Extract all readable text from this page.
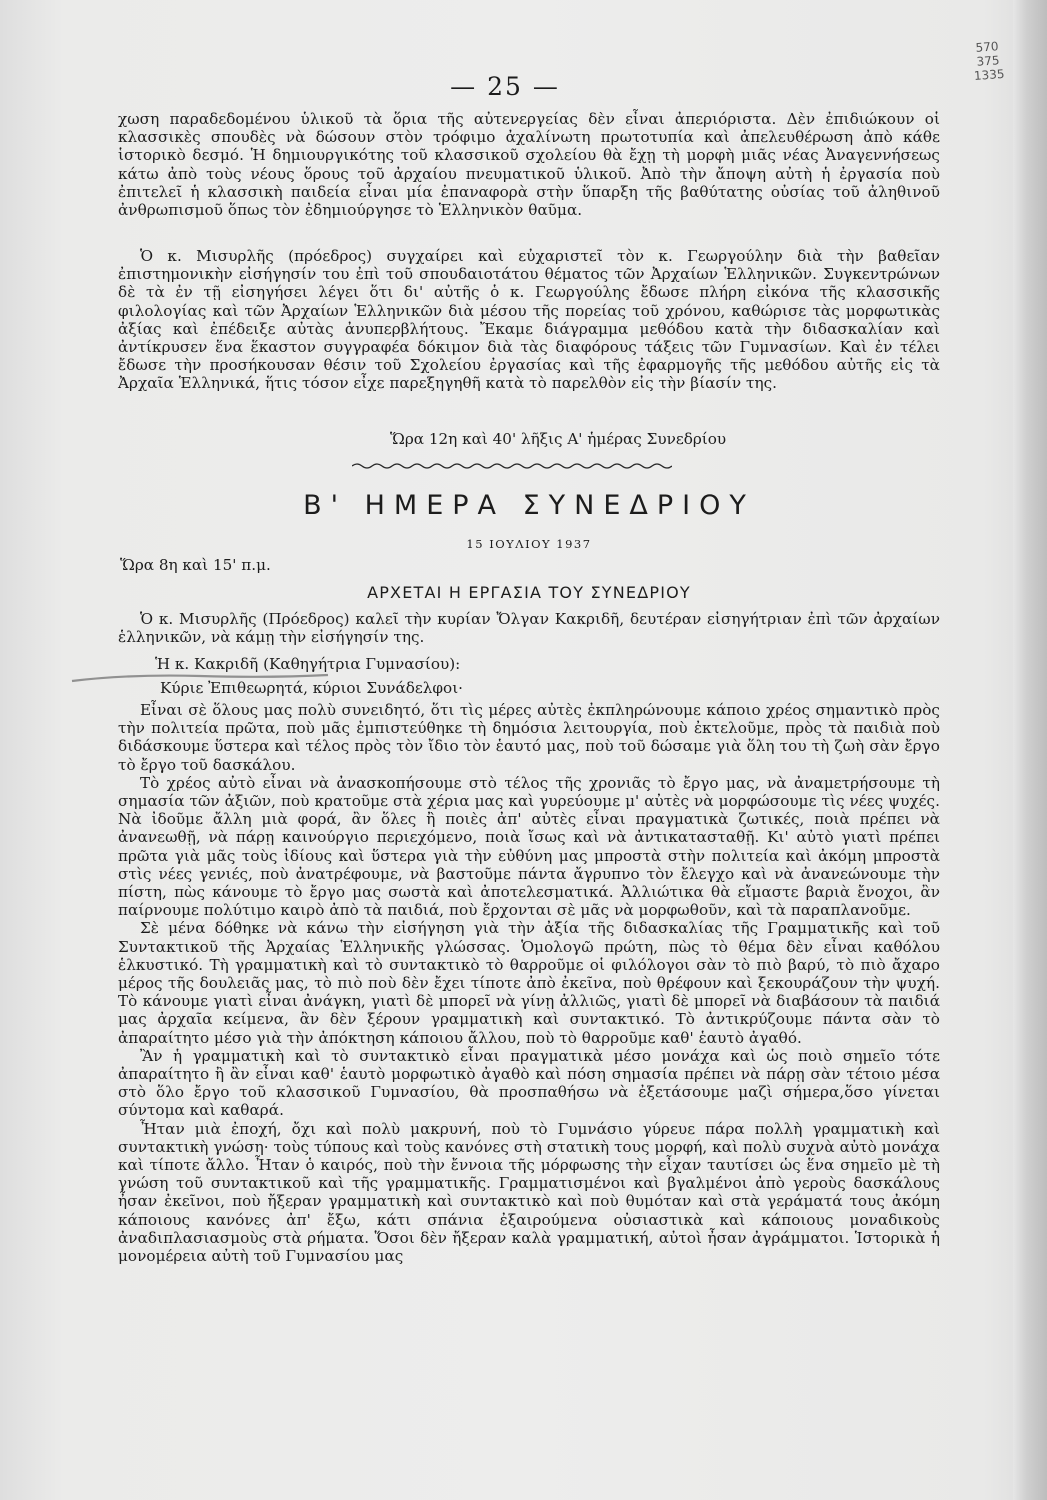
570
375
1335
— 25 —

χωση παραδεδομένου ὑλικοῦ τὰ ὅρια τῆς αὐτενεργείας δὲν εἶναι ἀπεριόριστα. Δὲν ἐπιδιώκουν οἱ κλασσικὲς σπουδὲς νὰ δώσουν στὸν τρόφιμο ἀχαλίνωτη πρωτοτυπία καὶ ἀπελευθέρωση ἀπὸ κάθε ἱστορικὸ δεσμό. Ἡ δημιουργικότης τοῦ κλασσικοῦ σχολείου θὰ ἔχῃ τὴ μορφὴ μιᾶς νέας Ἀναγεννήσεως κάτω ἀπὸ τοὺς νέους ὅρους τοῦ ἀρχαίου πνευματικοῦ ὑλικοῦ. Ἀπὸ τὴν ἄποψη αὐτὴ ἡ ἐργασία ποὺ ἐπιτελεῖ ἡ κλασσικὴ παιδεία εἶναι μία ἐπαναφορὰ στὴν ὕπαρξη τῆς βαθύτατης οὐσίας τοῦ ἀληθινοῦ ἀνθρωπισμοῦ ὅπως τὸν ἐδημιούργησε τὸ Ἑλληνικὸν θαῦμα.

Ὁ κ. Μισυρλῆς (πρόεδρος) συγχαίρει καὶ εὐχαριστεῖ τὸν κ. Γεωργούλην διὰ τὴν βαθεῖαν ἐπιστημονικὴν εἰσήγησίν του ἐπὶ τοῦ σπουδαιοτάτου θέματος τῶν Ἀρχαίων Ἑλληνικῶν. Συγκεντρώνων δὲ τὰ ἐν τῇ εἰσηγήσει λέγει ὅτι δι' αὐτῆς ὁ κ. Γεωργούλης ἔδωσε πλήρη εἰκόνα τῆς κλασσικῆς φιλολογίας καὶ τῶν Ἀρχαίων Ἑλληνικῶν διὰ μέσου τῆς πορείας τοῦ χρόνου, καθώρισε τὰς μορφωτικὰς ἀξίας καὶ ἐπέδειξε αὐτὰς ἀνυπερβλήτους. Ἔκαμε διάγραμμα μεθόδου κατὰ τὴν διδασκαλίαν καὶ ἀντίκρυσεν ἕνα ἕκαστον συγγραφέα δόκιμον διὰ τὰς διαφόρους τάξεις τῶν Γυμνασίων. Καὶ ἐν τέλει ἔδωσε τὴν προσήκουσαν θέσιν τοῦ Σχολείου ἐργασίας καὶ τῆς ἐφαρμογῆς τῆς μεθόδου αὐτῆς εἰς τὰ Ἀρχαῖα Ἑλληνικά, ἥτις τόσον εἶχε παρεξηγηθῆ κατὰ τὸ παρελθὸν εἰς τὴν βίασίν της.

Ὥρα 12η καὶ 40' λῆξις Α' ἡμέρας Συνεδρίου
Β' ΗΜΕΡΑ ΣΥΝΕΔΡΙΟΥ
15 ΙΟΥΛΙΟΥ 1937
Ὥρα 8η καὶ 15' π.μ.
ΑΡΧΕΤΑΙ Η ΕΡΓΑΣΙΑ ΤΟΥ ΣΥΝΕΔΡΙΟΥ

Ὁ κ. Μισυρλῆς (Πρόεδρος) καλεῖ τὴν κυρίαν Ὄλγαν Κακριδῆ, δευτέραν εἰσηγήτριαν ἐπὶ τῶν ἀρχαίων ἑλληνικῶν, νὰ κάμῃ τὴν εἰσήγησίν της.

Ἡ κ. Κακριδῆ (Καθηγήτρια Γυμνασίου):
Κύριε Ἐπιθεωρητά, κύριοι Συνάδελφοι·

Εἶναι σὲ ὅλους μας πολὺ συνειδητό, ὅτι τὶς μέρες αὐτὲς ἐκπληρώνουμε κάποιο χρέος σημαντικὸ πρὸς τὴν πολιτεία πρῶτα, ποὺ μᾶς ἐμπιστεύθηκε τὴ δημόσια λειτουργία, ποὺ ἐκτελοῦμε, πρὸς τὰ παιδιὰ ποὺ διδάσκουμε ὕστερα καὶ τέλος πρὸς τὸν ἴδιο τὸν ἑαυτό μας, ποὺ τοῦ δώσαμε γιὰ ὅλη του τὴ ζωὴ σὰν ἔργο τὸ ἔργο τοῦ δασκάλου.

Τὸ χρέος αὐτὸ εἶναι νὰ ἀνασκοπήσουμε στὸ τέλος τῆς χρονιᾶς τὸ ἔργο μας, νὰ ἀναμετρήσουμε τὴ σημασία τῶν ἀξιῶν, ποὺ κρατοῦμε στὰ χέρια μας καὶ γυρεύουμε μ' αὐτὲς νὰ μορφώσουμε τὶς νέες ψυχές. Νὰ ἰδοῦμε ἄλλη μιὰ φορά, ἂν ὅλες ἢ ποιὲς ἀπ' αὐτὲς εἶναι πραγματικὰ ζωτικές, ποιὰ πρέπει νὰ ἀνανεωθῇ, νὰ πάρῃ καινούργιο περιεχόμενο, ποιὰ ἴσως καὶ νὰ ἀντικατασταθῇ. Κι' αὐτὸ γιατὶ πρέπει πρῶτα γιὰ μᾶς τοὺς ἰδίους καὶ ὕστερα γιὰ τὴν εὐθύνη μας μπροστὰ στὴν πολιτεία καὶ ἀκόμη μπροστὰ στὶς νέες γενιές, ποὺ ἀνατρέφουμε, νὰ βαστοῦμε πάντα ἄγρυπνο τὸν ἔλεγχο καὶ νὰ ἀνανεώνουμε τὴν πίστη, πὼς κάνουμε τὸ ἔργο μας σωστὰ καὶ ἀποτελεσματικά. Ἀλλιώτικα θὰ εἴμαστε βαριὰ ἔνοχοι, ἂν παίρνουμε πολύτιμο καιρὸ ἀπὸ τὰ παιδιά, ποὺ ἔρχονται σὲ μᾶς νὰ μορφωθοῦν, καὶ τὰ παραπλανοῦμε.

Σὲ μένα δόθηκε νὰ κάνω τὴν εἰσήγηση γιὰ τὴν ἀξία τῆς διδασκαλίας τῆς Γραμματικῆς καὶ τοῦ Συντακτικοῦ τῆς Ἀρχαίας Ἑλληνικῆς γλώσσας. Ὁμολογῶ πρώτη, πὼς τὸ θέμα δὲν εἶναι καθόλου ἑλκυστικό. Τὴ γραμματικὴ καὶ τὸ συντακτικὸ τὸ θαρροῦμε οἱ φιλόλογοι σὰν τὸ πιὸ βαρύ, τὸ πιὸ ἄχαρο μέρος τῆς δουλειᾶς μας, τὸ πιὸ ποὺ δὲν ἔχει τίποτε ἀπὸ ἐκεῖνα, ποὺ θρέφουν καὶ ξεκουράζουν τὴν ψυχή. Τὸ κάνουμε γιατὶ εἶναι ἀνάγκη, γιατὶ δὲ μπορεῖ νὰ γίνῃ ἀλλιῶς, γιατὶ δὲ μπορεῖ νὰ διαβάσουν τὰ παιδιά μας ἀρχαῖα κείμενα, ἂν δὲν ξέρουν γραμματικὴ καὶ συντακτικό. Τὸ ἀντικρύζουμε πάντα σὰν τὸ ἀπαραίτητο μέσο γιὰ τὴν ἀπόκτηση κάποιου ἄλλου, ποὺ τὸ θαρροῦμε καθ' ἑαυτὸ ἀγαθό.

Ἂν ἡ γραμματικὴ καὶ τὸ συντακτικὸ εἶναι πραγματικὰ μέσο μονάχα καὶ ὡς ποιὸ σημεῖο τότε ἀπαραίτητο ἢ ἂν εἶναι καθ' ἑαυτὸ μορφωτικὸ ἀγαθὸ καὶ πόση σημασία πρέπει νὰ πάρῃ σὰν τέτοιο μέσα στὸ ὅλο ἔργο τοῦ κλασσικοῦ Γυμνασίου, θὰ προσπαθήσω νὰ ἐξετάσουμε μαζὶ σήμερα,ὅσο γίνεται σύντομα καὶ καθαρά.

Ἦταν μιὰ ἐποχή, ὄχι καὶ πολὺ μακρυνή, ποὺ τὸ Γυμνάσιο γύρευε πάρα πολλὴ γραμματικὴ καὶ συντακτικὴ γνώση· τοὺς τύπους καὶ τοὺς κανόνες στὴ στατικὴ τους μορφή, καὶ πολὺ συχνὰ αὐτὸ μονάχα καὶ τίποτε ἄλλο. Ἦταν ὁ καιρός, ποὺ τὴν ἔννοια τῆς μόρφωσης τὴν εἶχαν ταυτίσει ὡς ἕνα σημεῖο μὲ τὴ γνώση τοῦ συντακτικοῦ καὶ τῆς γραμματικῆς. Γραμματισμένοι καὶ βγαλμένοι ἀπὸ γεροὺς δασκάλους ἦσαν ἐκεῖνοι, ποὺ ἤξεραν γραμματικὴ καὶ συντακτικὸ καὶ ποὺ θυμόταν καὶ στὰ γεράματά τους ἀκόμη κάποιους κανόνες ἀπ' ἔξω, κάτι σπάνια ἐξαιρούμενα οὐσιαστικὰ καὶ κάποιους μοναδικοὺς ἀναδιπλασιασμοὺς στὰ ρήματα. Ὅσοι δὲν ἤξεραν καλὰ γραμματική, αὐτοὶ ἦσαν ἀγράμματοι. Ἱστορικὰ ἡ μονομέρεια αὐτὴ τοῦ Γυμνασίου μας
